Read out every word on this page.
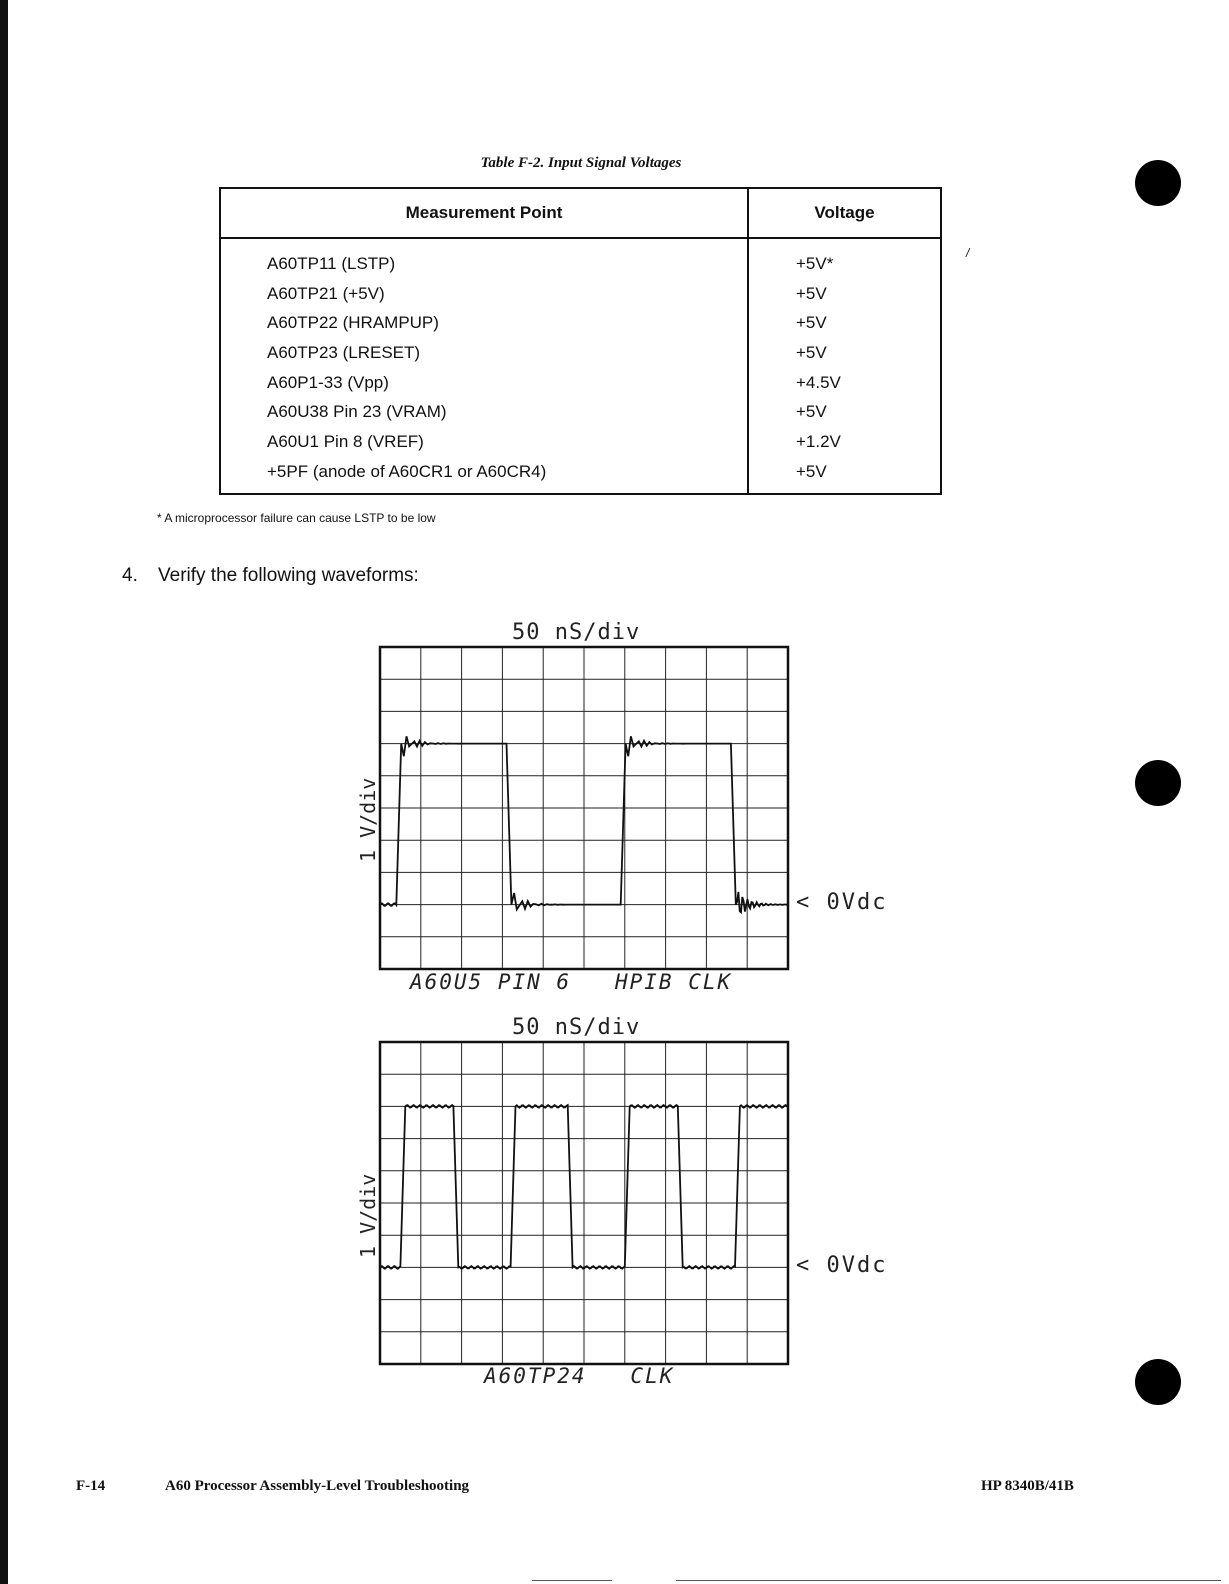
/
Table F-2. Input Signal Voltages
Measurement Point	Voltage
A60TP11 (LSTP)	+5V*
A60TP21 (+5V)	+5V
A60TP22 (HRAMPUP)	+5V
A60TP23 (LRESET)	+5V
A60P1-33 (Vpp)	+4.5V
A60U38 Pin 23 (VRAM)	+5V
A60U1 Pin 8 (VREF)	+1.2V
+5PF (anode of A60CR1 or A60CR4)	+5V
* A microprocessor failure can cause LSTP to be low
4. Verify the following waveforms:
50 nS/div
1 V/div
< 0Vdc
A60U5 PIN 6   HPIB CLK
50 nS/div
1 V/div
< 0Vdc
A60TP24   CLK
F-14	A60 Processor Assembly-Level Troubleshooting	HP 8340B/41B
